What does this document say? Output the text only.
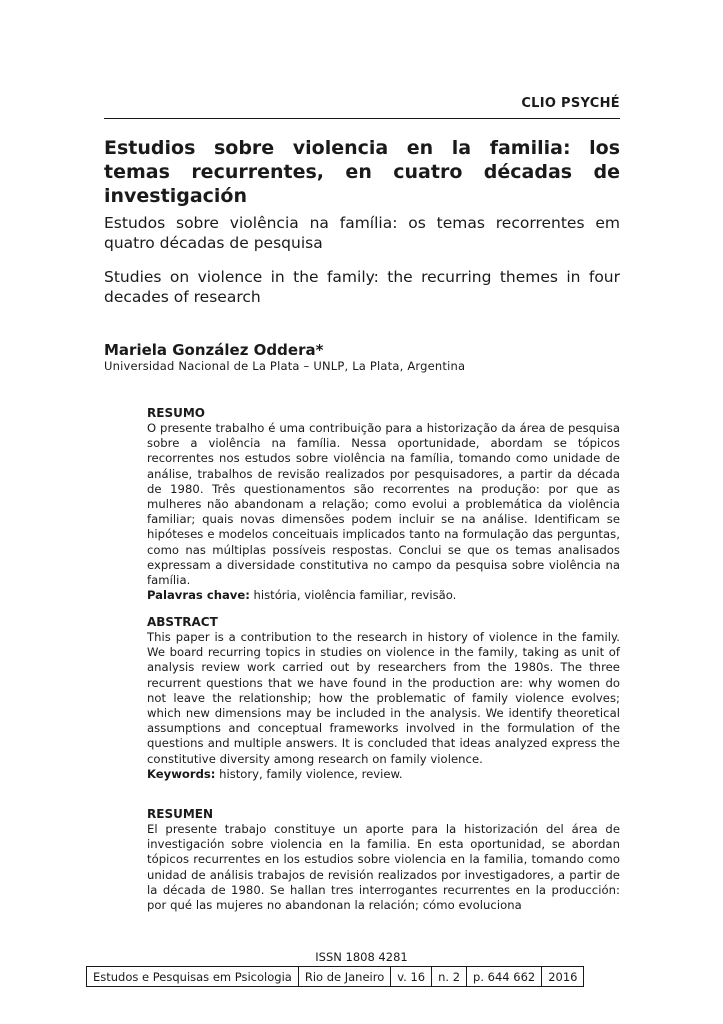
CLIO PSYCHÉ
Estudios sobre violencia en la familia: los temas recurrentes, en cuatro décadas de investigación
Estudos sobre violência na família: os temas recorrentes em quatro décadas de pesquisa
Studies on violence in the family: the recurring themes in four decades of research
Mariela González Oddera*
Universidad Nacional de La Plata – UNLP, La Plata, Argentina

RESUMO

O presente trabalho é uma contribuição para a historização da área de pesquisa sobre a violência na família. Nessa oportunidade, abordam se tópicos recorrentes nos estudos sobre violência na família, tomando como unidade de análise, trabalhos de revisão realizados por pesquisadores, a partir da década de 1980. Três questionamentos são recorrentes na produção: por que as mulheres não abandonam a relação; como evolui a problemática da violência familiar; quais novas dimensões podem incluir se na análise. Identificam se hipóteses e modelos conceituais implicados tanto na formulação das perguntas, como nas múltiplas possíveis respostas. Conclui se que os temas analisados expressam a diversidade constitutiva no campo da pesquisa sobre violência na família.

Palavras chave: história, violência familiar, revisão.

ABSTRACT

This paper is a contribution to the research in history of violence in the family. We board recurring topics in studies on violence in the family, taking as unit of analysis review work carried out by researchers from the 1980s. The three recurrent questions that we have found in the production are: why women do not leave the relationship; how the problematic of family violence evolves; which new dimensions may be included in the analysis. We identify theoretical assumptions and conceptual frameworks involved in the formulation of the questions and multiple answers. It is concluded that ideas analyzed express the constitutive diversity among research on family violence.

Keywords: history, family violence, review.

RESUMEN

El presente trabajo constituye un aporte para la historización del área de investigación sobre violencia en la familia. En esta oportunidad, se abordan tópicos recurrentes en los estudios sobre violencia en la familia, tomando como unidad de análisis trabajos de revisión realizados por investigadores, a partir de la década de 1980. Se hallan tres interrogantes recurrentes en la producción: por qué las mujeres no abandonan la relación; cómo evoluciona

ISSN 1808 4281
Estudos e Pesquisas em Psicologia	Rio de Janeiro	v. 16	n. 2	p. 644 662	2016
